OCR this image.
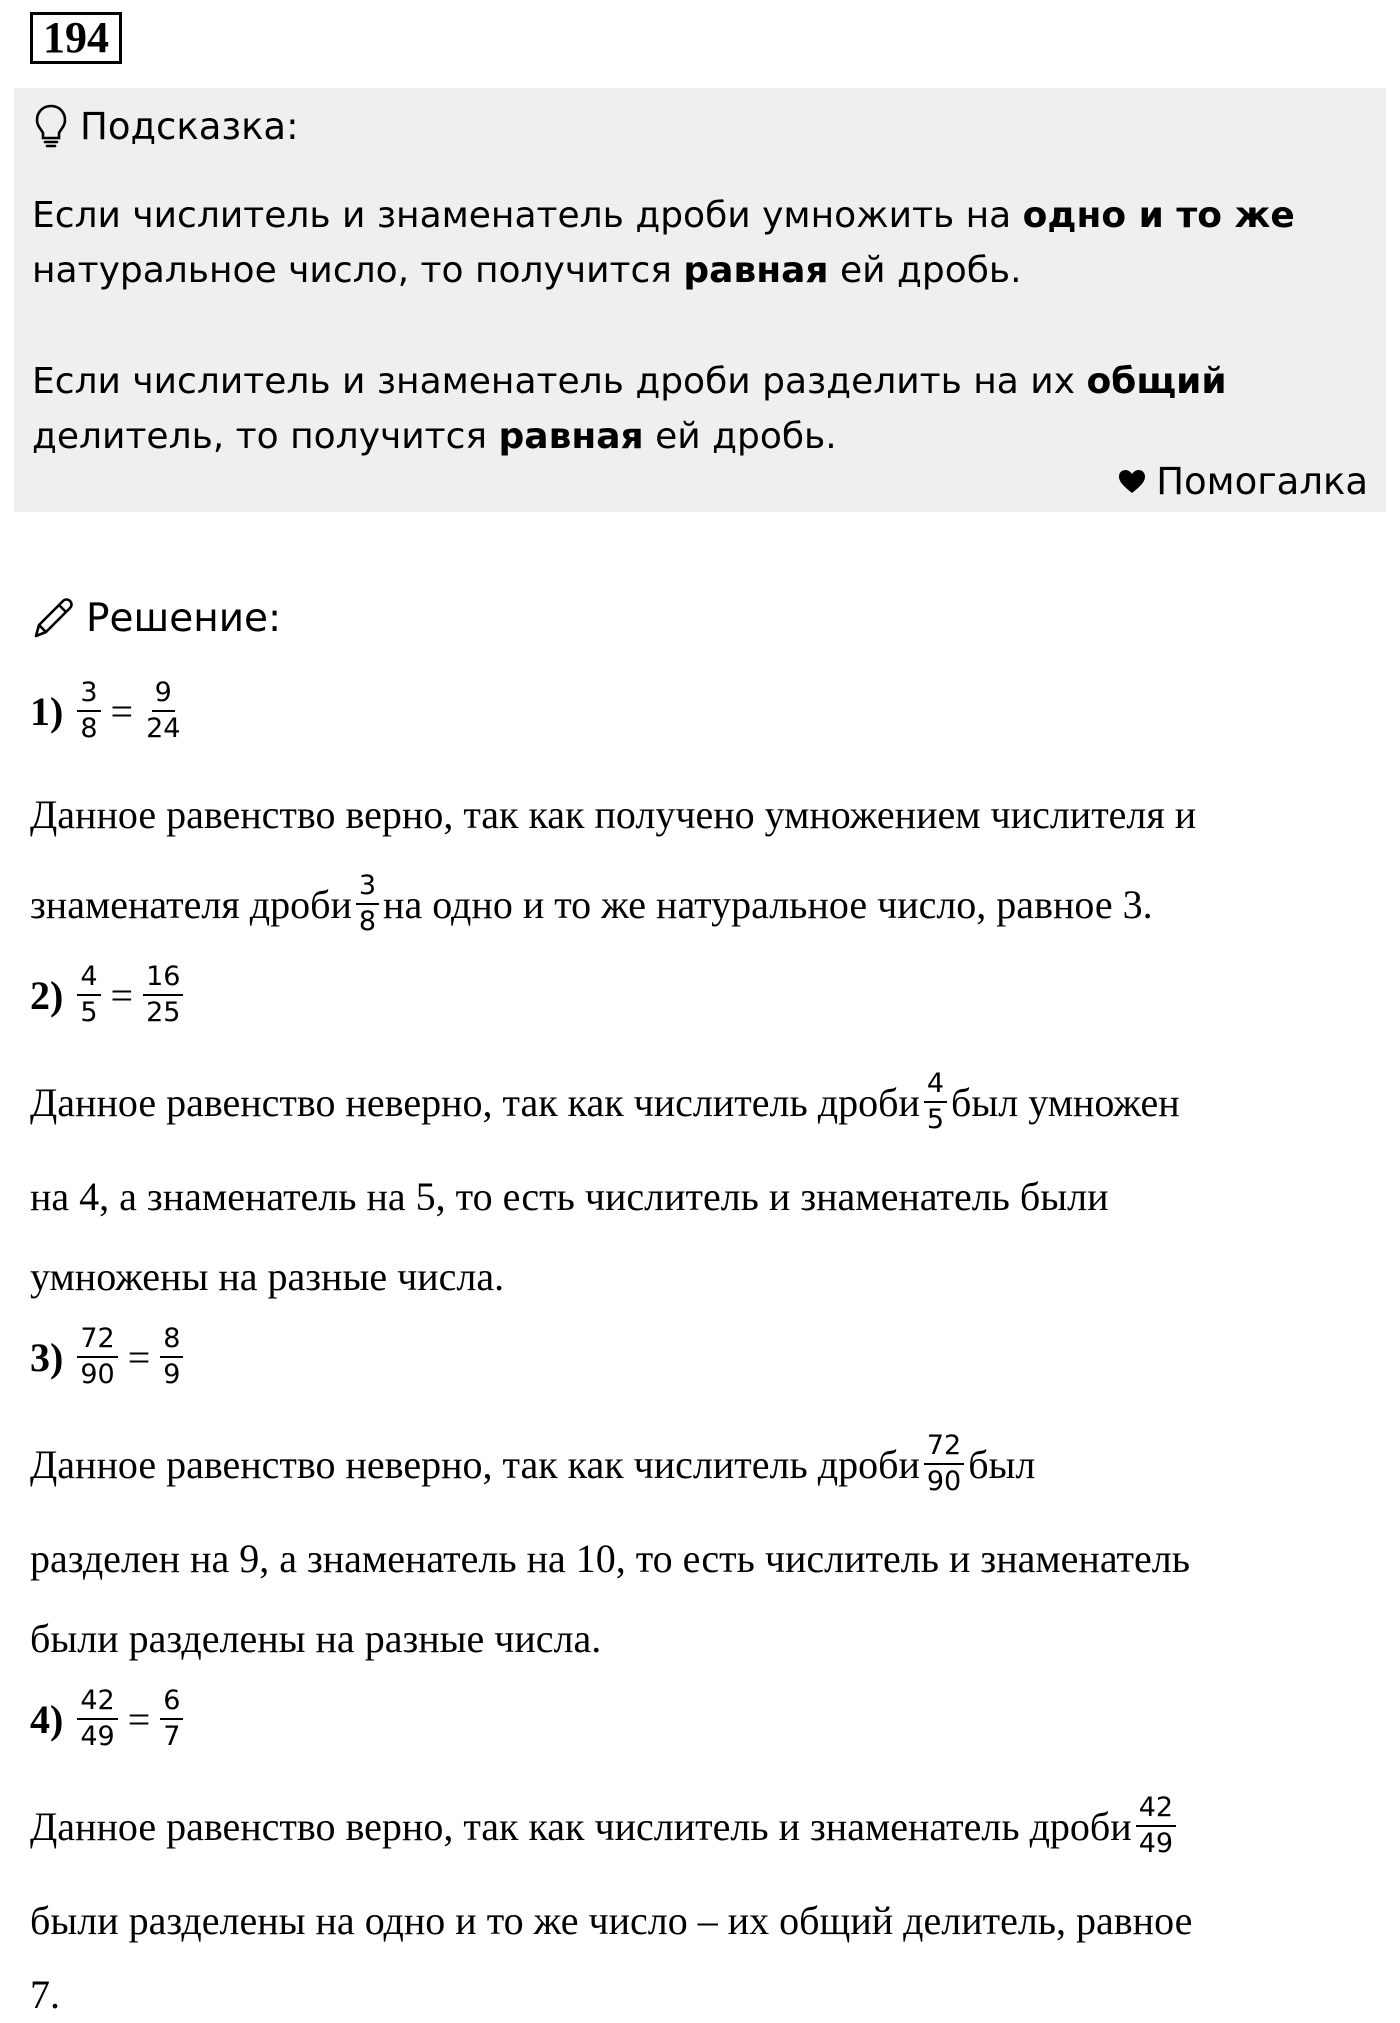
194
Подсказка:
Если числитель и знаменатель дроби умножить на одно и то же
натуральное число, то получится равная ей дробь.
Если числитель и знаменатель дроби разделить на их общий
делитель, то получится равная ей дробь.
Помогалка
Решение:
$1) \frac{3}{8} = \frac{9}{24}$
Данное равенство верно, так как получено умножением числителя и
знаменателя дроби $\frac{3}{8}$ на одно и то же натуральное число, равное 3.
$2) \frac{4}{5} = \frac{16}{25}$
Данное равенство неверно, так как числитель дроби $\frac{4}{5}$ был умножен
на 4, а знаменатель на 5, то есть числитель и знаменатель были
умножены на разные числа.
$3) \frac{72}{90} = \frac{8}{9}$
Данное равенство неверно, так как числитель дроби $\frac{72}{90}$ был
разделен на 9, а знаменатель на 10, то есть числитель и знаменатель
были разделены на разные числа.
$4) \frac{42}{49} = \frac{6}{7}$
Данное равенство верно, так как числитель и знаменатель дроби $\frac{42}{49}$
были разделены на одно и то же число – их общий делитель, равное
7.
